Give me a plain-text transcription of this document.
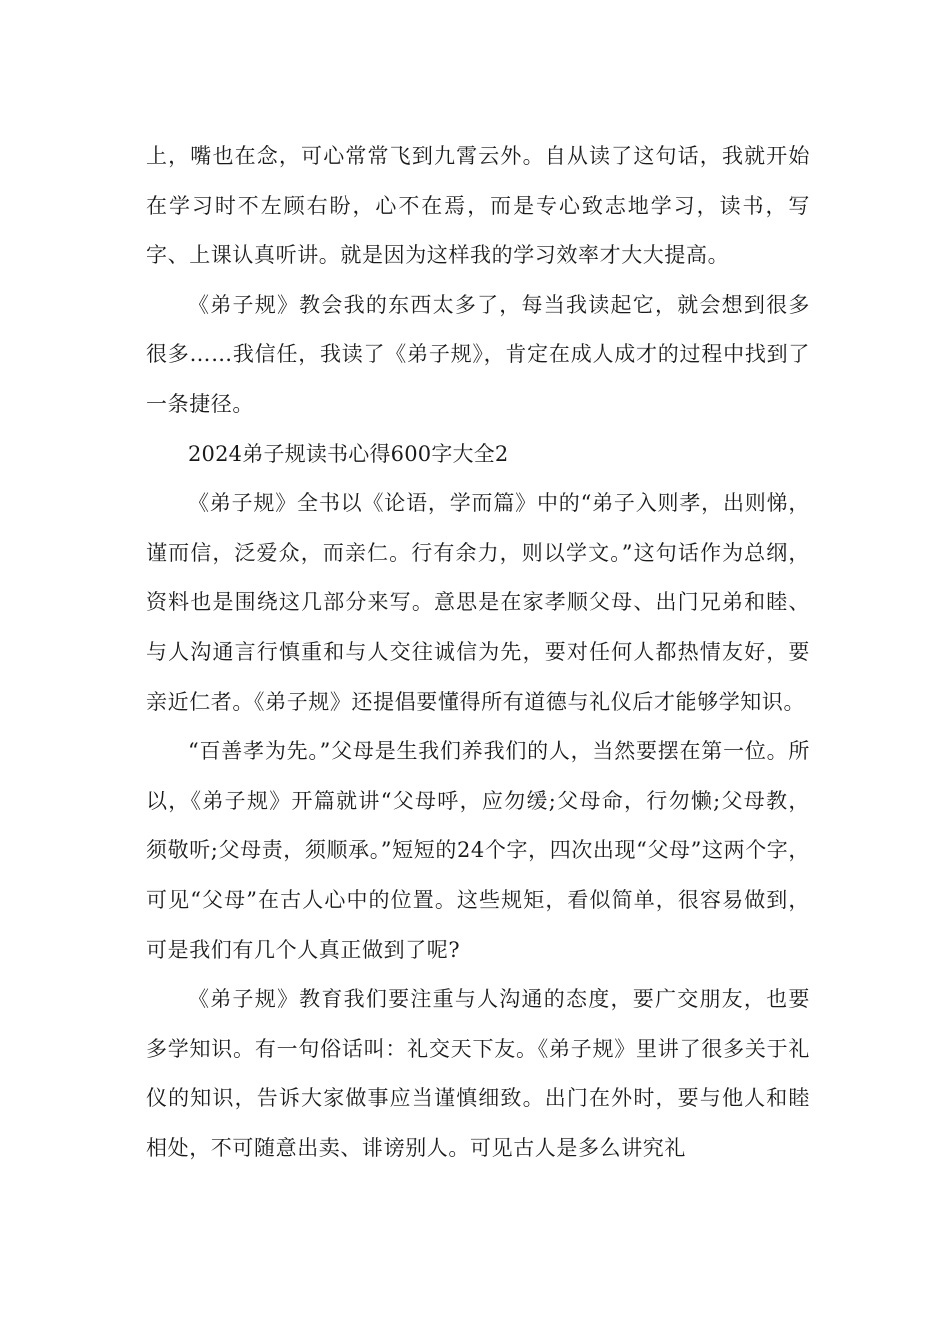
上，嘴也在念，可心常常飞到九霄云外。自从读了这句话，我就开始在学习时不左顾右盼，心不在焉，而是专心致志地学习，读书，写字、上课认真听讲。就是因为这样我的学习效率才大大提高。

《弟子规》教会我的东西太多了，每当我读起它，就会想到很多很多……我信任，我读了《弟子规》，肯定在成人成才的过程中找到了一条捷径。

2024弟子规读书心得600字大全2

《弟子规》全书以《论语，学而篇》中的“弟子入则孝，出则悌，谨而信，泛爱众，而亲仁。行有余力，则以学文。”这句话作为总纲，资料也是围绕这几部分来写。意思是在家孝顺父母、出门兄弟和睦、与人沟通言行慎重和与人交往诚信为先，要对任何人都热情友好，要亲近仁者。《弟子规》还提倡要懂得所有道德与礼仪后才能够学知识。

“百善孝为先。”父母是生我们养我们的人，当然要摆在第一位。所以，《弟子规》开篇就讲“父母呼，应勿缓;父母命，行勿懒;父母教，须敬听;父母责，须顺承。”短短的24个字，四次出现“父母”这两个字，可见“父母”在古人心中的位置。这些规矩，看似简单，很容易做到，可是我们有几个人真正做到了呢?

《弟子规》教育我们要注重与人沟通的态度，要广交朋友，也要多学知识。有一句俗话叫：礼交天下友。《弟子规》里讲了很多关于礼仪的知识，告诉大家做事应当谨慎细致。出门在外时，要与他人和睦相处，不可随意出卖、诽谤别人。可见古人是多么讲究礼
